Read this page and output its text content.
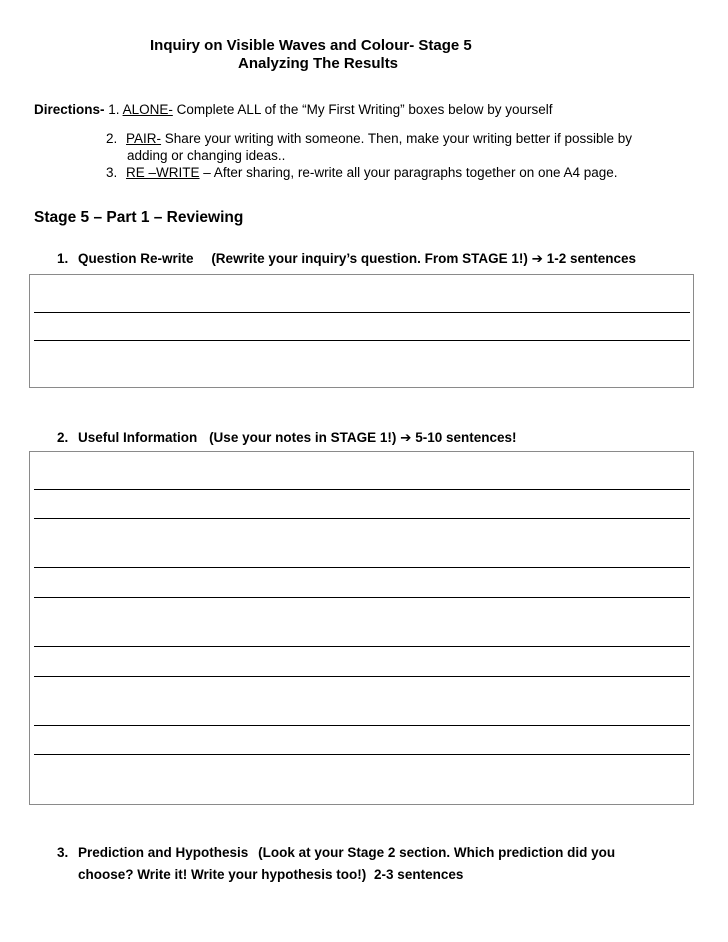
Inquiry on Visible Waves and Colour- Stage 5
Analyzing The Results
Directions- 1. ALONE- Complete ALL of the “My First Writing” boxes below by yourself
2. PAIR- Share your writing with someone. Then, make your writing better if possible by
adding or changing ideas..
3. RE –WRITE – After sharing, re-write all your paragraphs together on one A4 page.
Stage 5 – Part 1 – Reviewing
1. Question Re-write (Rewrite your inquiry’s question. From STAGE 1!) ➔ 1-2 sentences
2. Useful Information (Use your notes in STAGE 1!) ➔ 5-10 sentences!
3. Prediction and Hypothesis (Look at your Stage 2 section. Which prediction did you
choose? Write it! Write your hypothesis too!) 2-3 sentences
